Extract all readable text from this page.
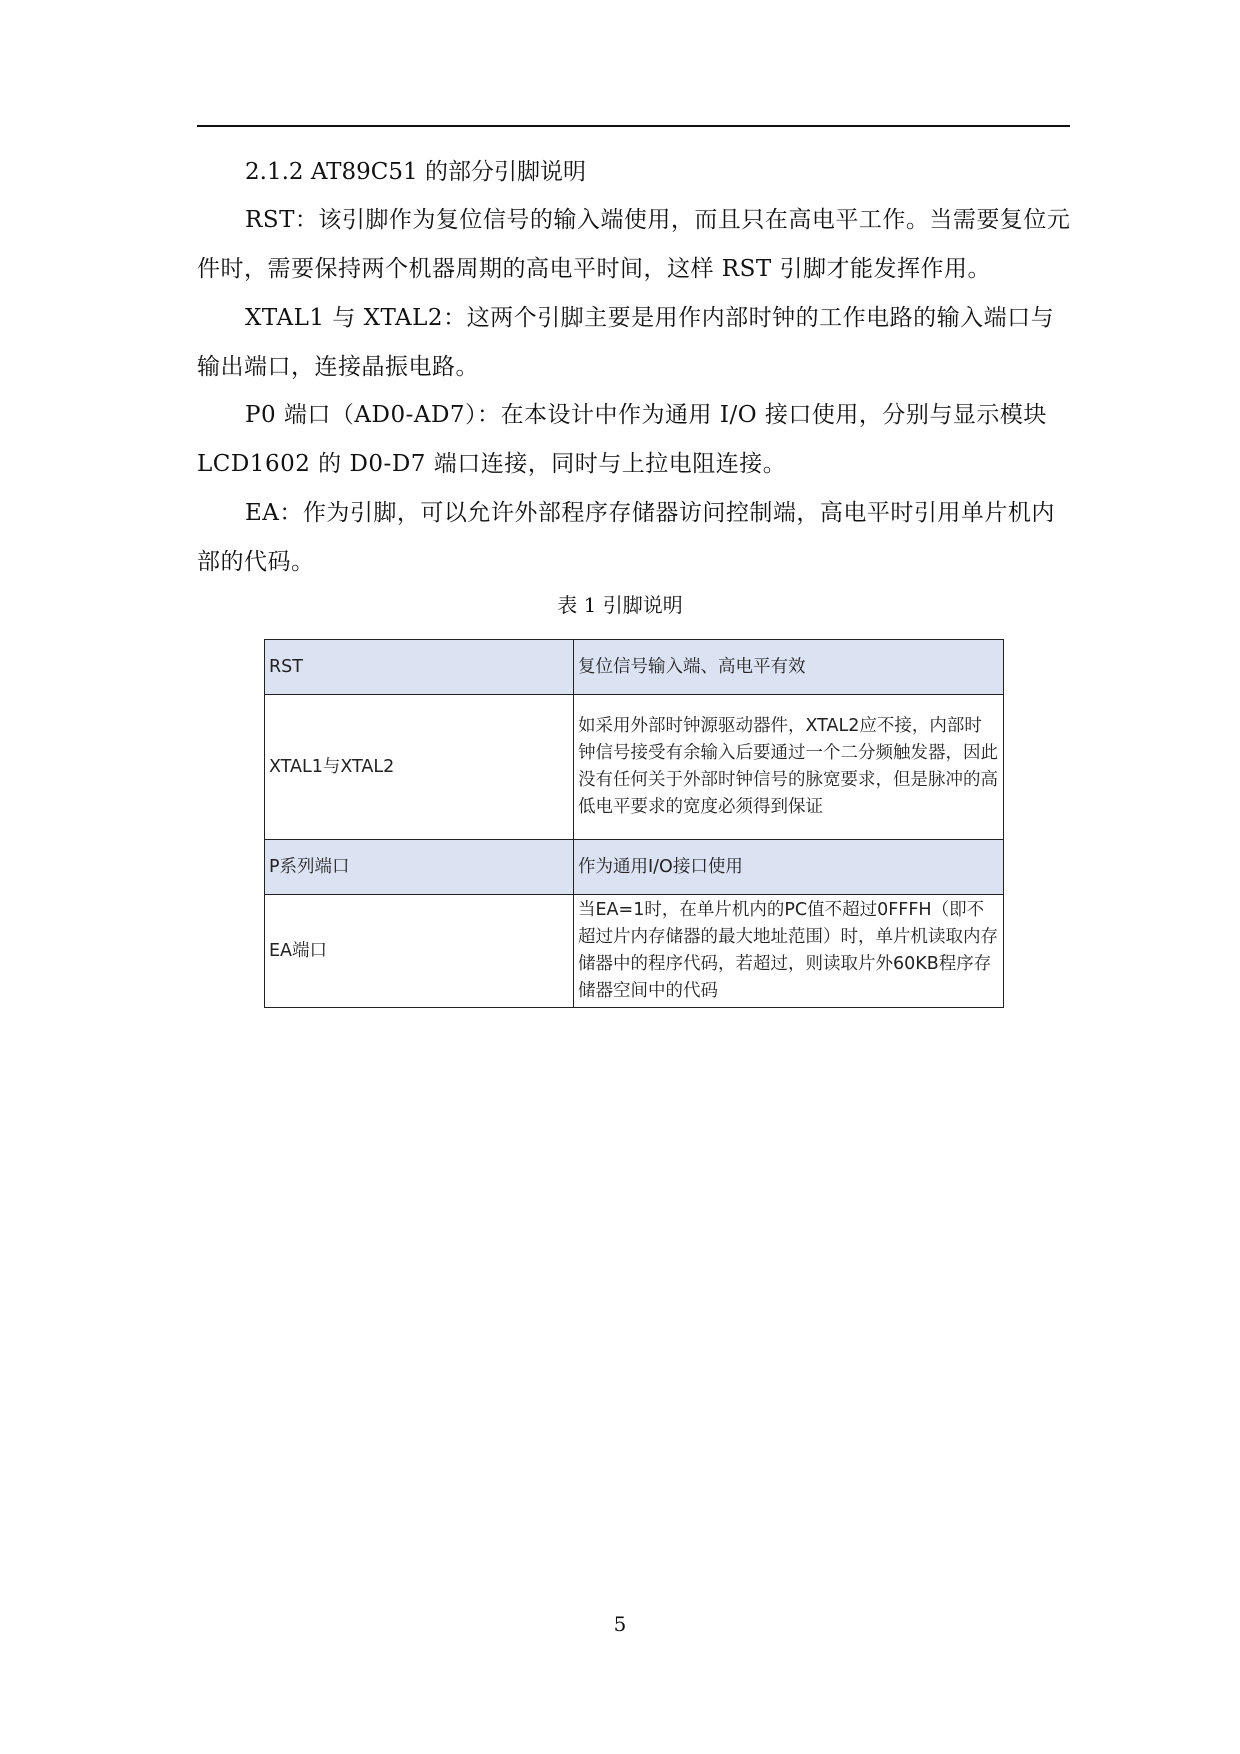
2.1.2 AT89C51 的部分引脚说明

RST：该引脚作为复位信号的输入端使用，而且只在高电平工作。当需要复位元件时，需要保持两个机器周期的高电平时间，这样 RST 引脚才能发挥作用。

XTAL1 与 XTAL2：这两个引脚主要是用作内部时钟的工作电路的输入端口与输出端口，连接晶振电路。

P0 端口（AD0-AD7）：在本设计中作为通用 I/O 接口使用，分别与显示模块 LCD1602 的 D0-D7 端口连接，同时与上拉电阻连接。

EA：作为引脚，可以允许外部程序存储器访问控制端，高电平时引用单片机内部的代码。

表 1 引脚说明
RST	复位信号输入端、高电平有效
XTAL1与XTAL2	如采用外部时钟源驱动器件，XTAL2应不接，内部时钟信号接受有余输入后要通过一个二分频触发器，因此没有任何关于外部时钟信号的脉宽要求，但是脉冲的高低电平要求的宽度必须得到保证
P系列端口	作为通用I/O接口使用
EA端口	当EA=1时，在单片机内的PC值不超过0FFFH（即不超过片内存储器的最大地址范围）时，单片机读取内存储器中的程序代码，若超过，则读取片外60KB程序存储器空间中的代码
5
